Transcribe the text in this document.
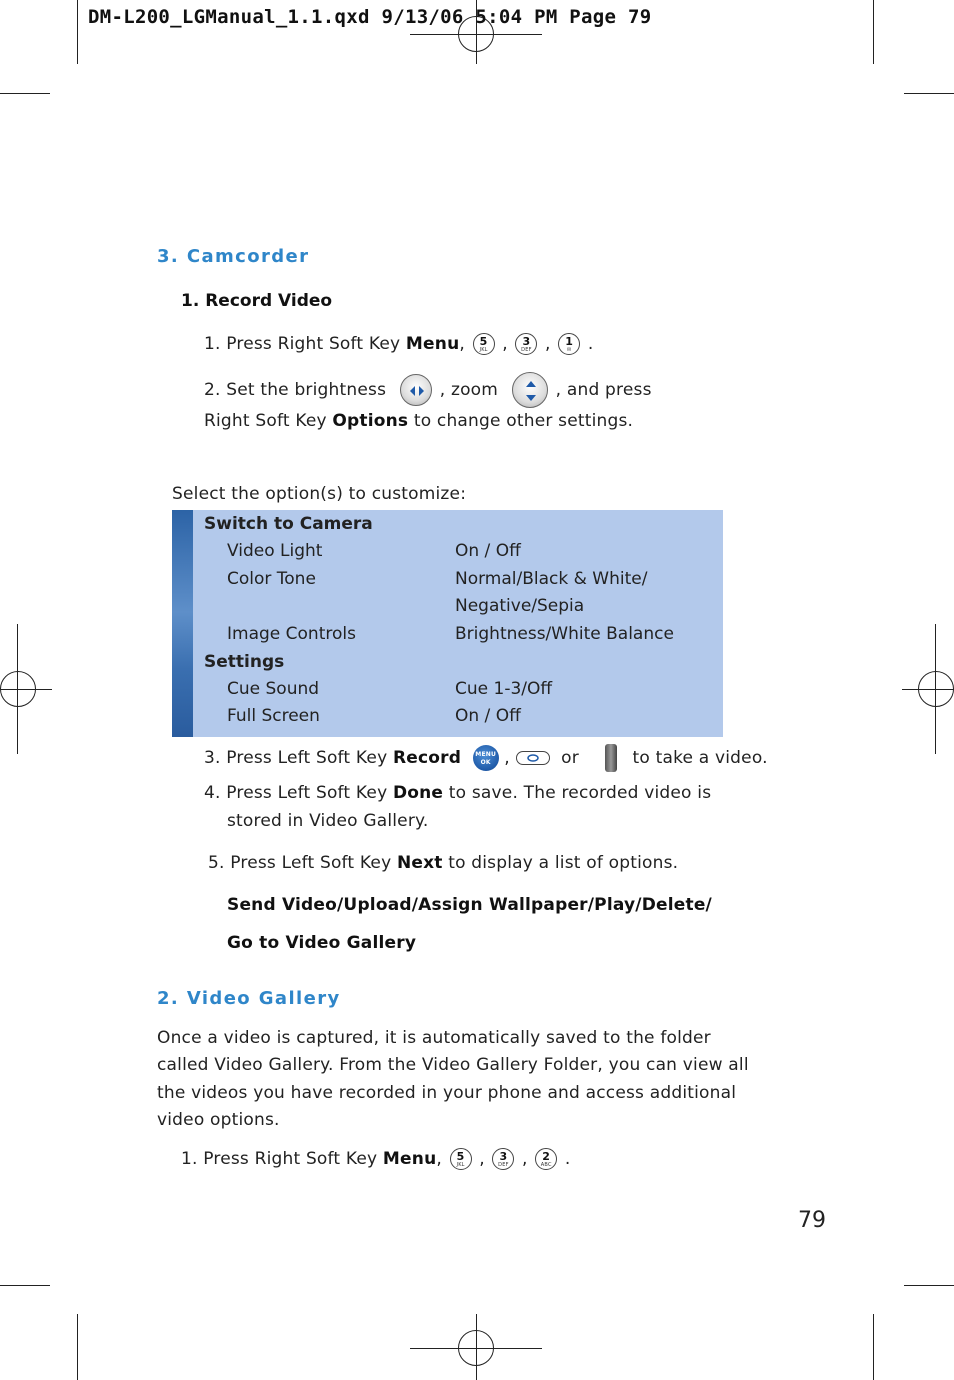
DM-L200_LGManual_1.1.qxd 9/13/06 5:04 PM Page 79
3. Camcorder
1. Record Video
1. Press Right Soft Key Menu,	5
JKL , 3
DEF , 1
✉ .
2. Set the brightness	, zoom	, and press
Right Soft Key Options to change other settings.
Select the option(s) to customize:
Switch to Camera
Video Light	On / Off
Color Tone	Normal/Black & White/
Negative/Sepia
Image Controls	Brightness/White Balance
Settings
Cue Sound	Cue 1-3/Off
Full Screen	On / Off
3. Press Left Soft Key Record	MENU
OK ,	or	to take a video.
4. Press Left Soft Key Done to save. The recorded video is
stored in Video Gallery.
5. Press Left Soft Key Next to display a list of options.
Send Video/Upload/Assign Wallpaper/Play/Delete/
Go to Video Gallery
2. Video Gallery
Once a video is captured, it is automatically saved to the folder
called Video Gallery. From the Video Gallery Folder, you can view all
the videos you have recorded in your phone and access additional
video options.
1. Press Right Soft Key Menu,	5
JKL , 3
DEF , 2
ABC .
79
